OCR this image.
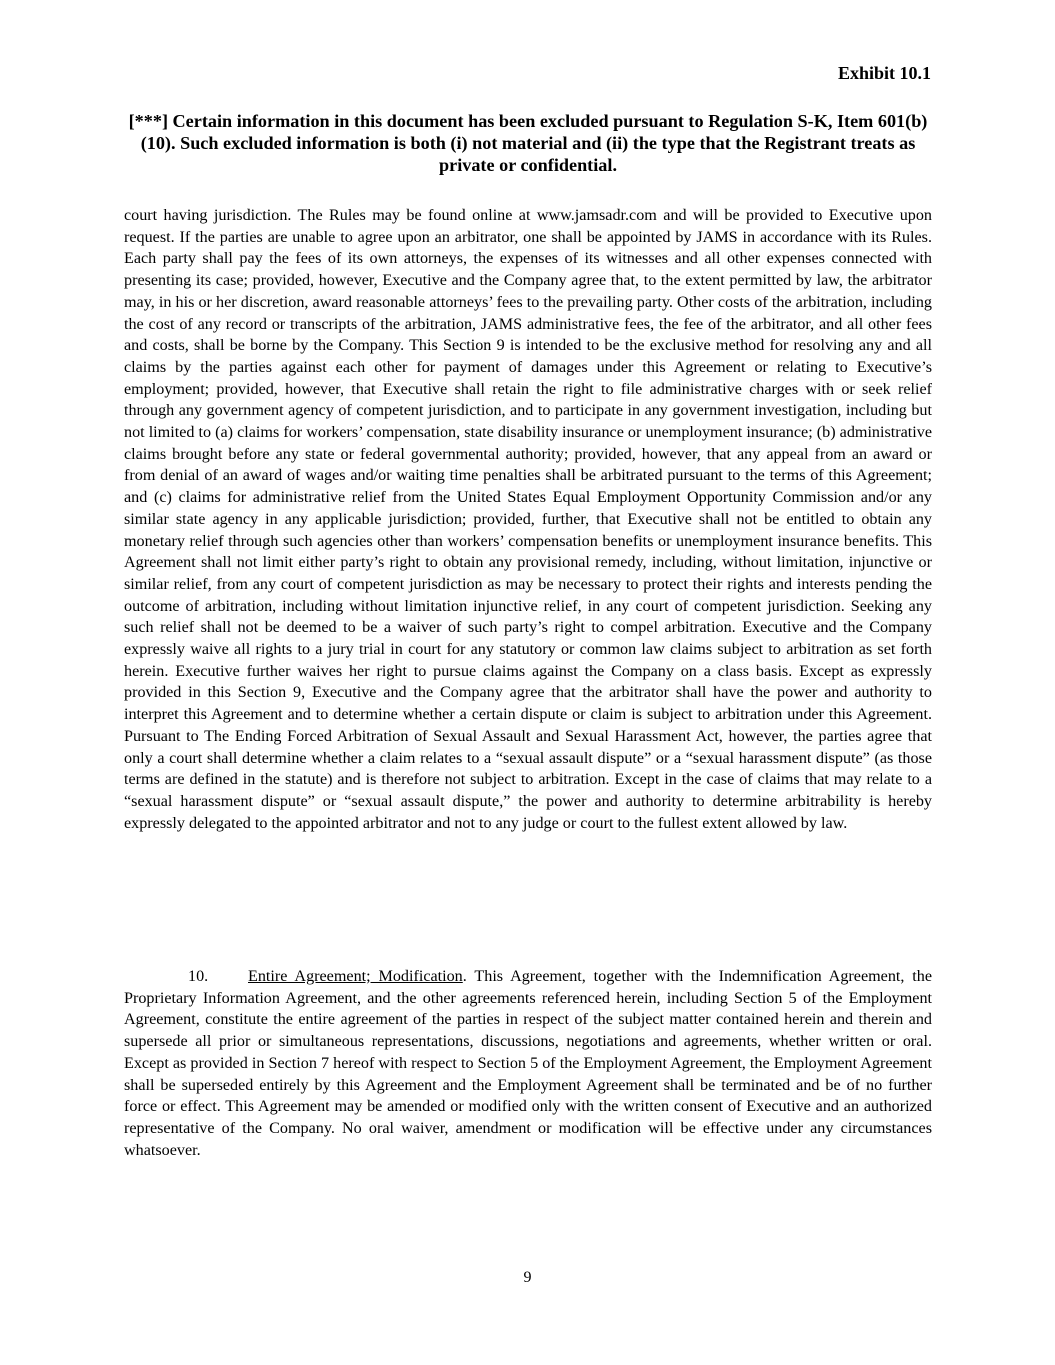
Exhibit 10.1

[***] Certain information in this document has been excluded pursuant to Regulation S-K, Item 601(b)(10). Such excluded information is both (i) not material and (ii) the type that the Registrant treats as private or confidential.

court having jurisdiction. The Rules may be found online at www.jamsadr.com and will be provided to Executive upon request. If the parties are unable to agree upon an arbitrator, one shall be appointed by JAMS in accordance with its Rules. Each party shall pay the fees of its own attorneys, the expenses of its witnesses and all other expenses connected with presenting its case; provided, however, Executive and the Company agree that, to the extent permitted by law, the arbitrator may, in his or her discretion, award reasonable attorneys’ fees to the prevailing party. Other costs of the arbitration, including the cost of any record or transcripts of the arbitration, JAMS administrative fees, the fee of the arbitrator, and all other fees and costs, shall be borne by the Company. This Section 9 is intended to be the exclusive method for resolving any and all claims by the parties against each other for payment of damages under this Agreement or relating to Executive’s employment; provided, however, that Executive shall retain the right to file administrative charges with or seek relief through any government agency of competent jurisdiction, and to participate in any government investigation, including but not limited to (a) claims for workers’ compensation, state disability insurance or unemployment insurance; (b) administrative claims brought before any state or federal governmental authority; provided, however, that any appeal from an award or from denial of an award of wages and/or waiting time penalties shall be arbitrated pursuant to the terms of this Agreement; and (c) claims for administrative relief from the United States Equal Employment Opportunity Commission and/or any similar state agency in any applicable jurisdiction; provided, further, that Executive shall not be entitled to obtain any monetary relief through such agencies other than workers’ compensation benefits or unemployment insurance benefits. This Agreement shall not limit either party’s right to obtain any provisional remedy, including, without limitation, injunctive or similar relief, from any court of competent jurisdiction as may be necessary to protect their rights and interests pending the outcome of arbitration, including without limitation injunctive relief, in any court of competent jurisdiction. Seeking any such relief shall not be deemed to be a waiver of such party’s right to compel arbitration. Executive and the Company expressly waive all rights to a jury trial in court for any statutory or common law claims subject to arbitration as set forth herein. Executive further waives her right to pursue claims against the Company on a class basis. Except as expressly provided in this Section 9, Executive and the Company agree that the arbitrator shall have the power and authority to interpret this Agreement and to determine whether a certain dispute or claim is subject to arbitration under this Agreement. Pursuant to The Ending Forced Arbitration of Sexual Assault and Sexual Harassment Act, however, the parties agree that only a court shall determine whether a claim relates to a “sexual assault dispute” or a “sexual harassment dispute” (as those terms are defined in the statute) and is therefore not subject to arbitration. Except in the case of claims that may relate to a “sexual harassment dispute” or “sexual assault dispute,” the power and authority to determine arbitrability is hereby expressly delegated to the appointed arbitrator and not to any judge or court to the fullest extent allowed by law.

10. Entire Agreement; Modification. This Agreement, together with the Indemnification Agreement, the Proprietary Information Agreement, and the other agreements referenced herein, including Section 5 of the Employment Agreement, constitute the entire agreement of the parties in respect of the subject matter contained herein and therein and supersede all prior or simultaneous representations, discussions, negotiations and agreements, whether written or oral. Except as provided in Section 7 hereof with respect to Section 5 of the Employment Agreement, the Employment Agreement shall be superseded entirely by this Agreement and the Employment Agreement shall be terminated and be of no further force or effect. This Agreement may be amended or modified only with the written consent of Executive and an authorized representative of the Company. No oral waiver, amendment or modification will be effective under any circumstances whatsoever.

9
